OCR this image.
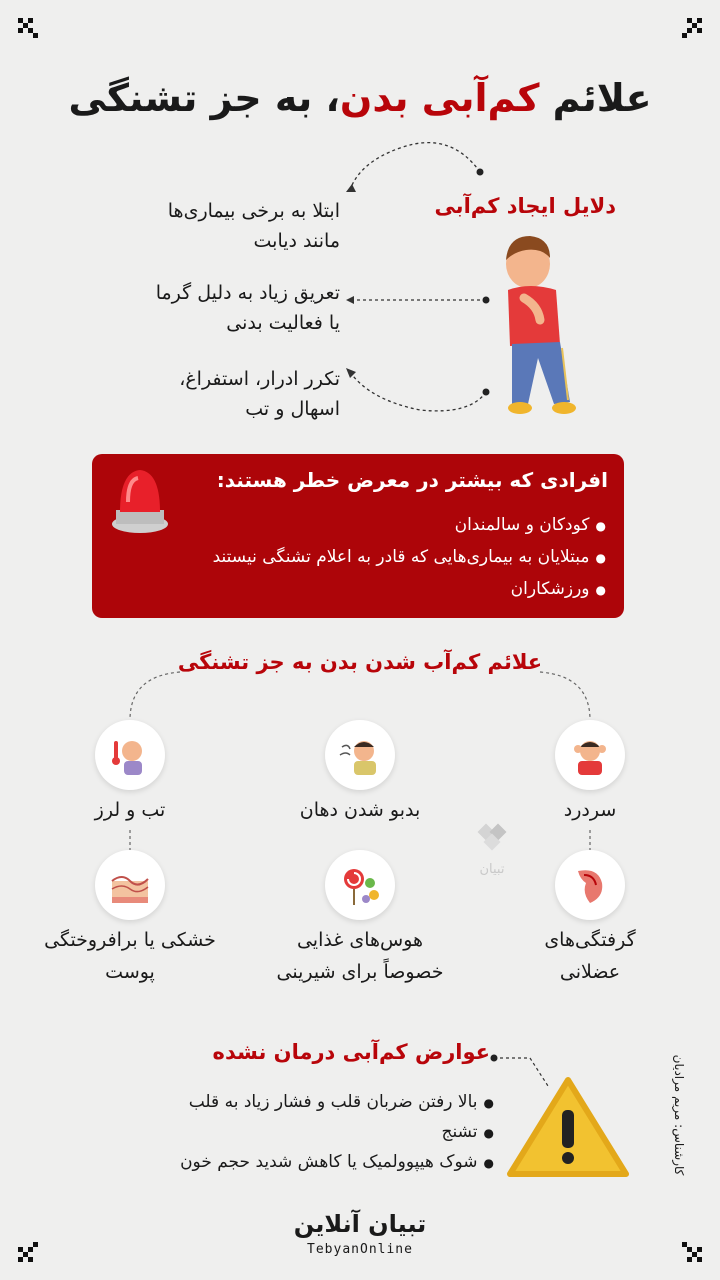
علائم کم‌آبی بدن، به جز تشنگی
دلایل ایجاد کم‌آبی
ابتلا به برخی بیماری‌ها
مانند دیابت
تعریق زیاد به دلیل گرما
یا فعالیت بدنی
تکرر ادرار، استفراغ،
اسهال و تب
افرادی که بیشتر در معرض خطر هستند:
● کودکان و سالمندان
● مبتلایان به بیماری‌هایی که قادر به اعلام تشنگی نیستند
● ورزشکاران
علائم کم‌آب شدن بدن به جز تشنگی
سردرد
بدبو شدن دهان
تب و لرز
تبیان
گرفتگی‌های
عضلانی
هوس‌های غذایی
خصوصاً برای شیرینی
خشکی یا برافروختگی
پوست
عوارض کم‌آبی درمان نشده
● بالا رفتن ضربان قلب و فشار زیاد به قلب
● تشنج
● شوک هیپوولمیک یا کاهش شدید حجم خون	کارشناس: مریم مرادیان
تبیان آنلاین
TebyanOnline
